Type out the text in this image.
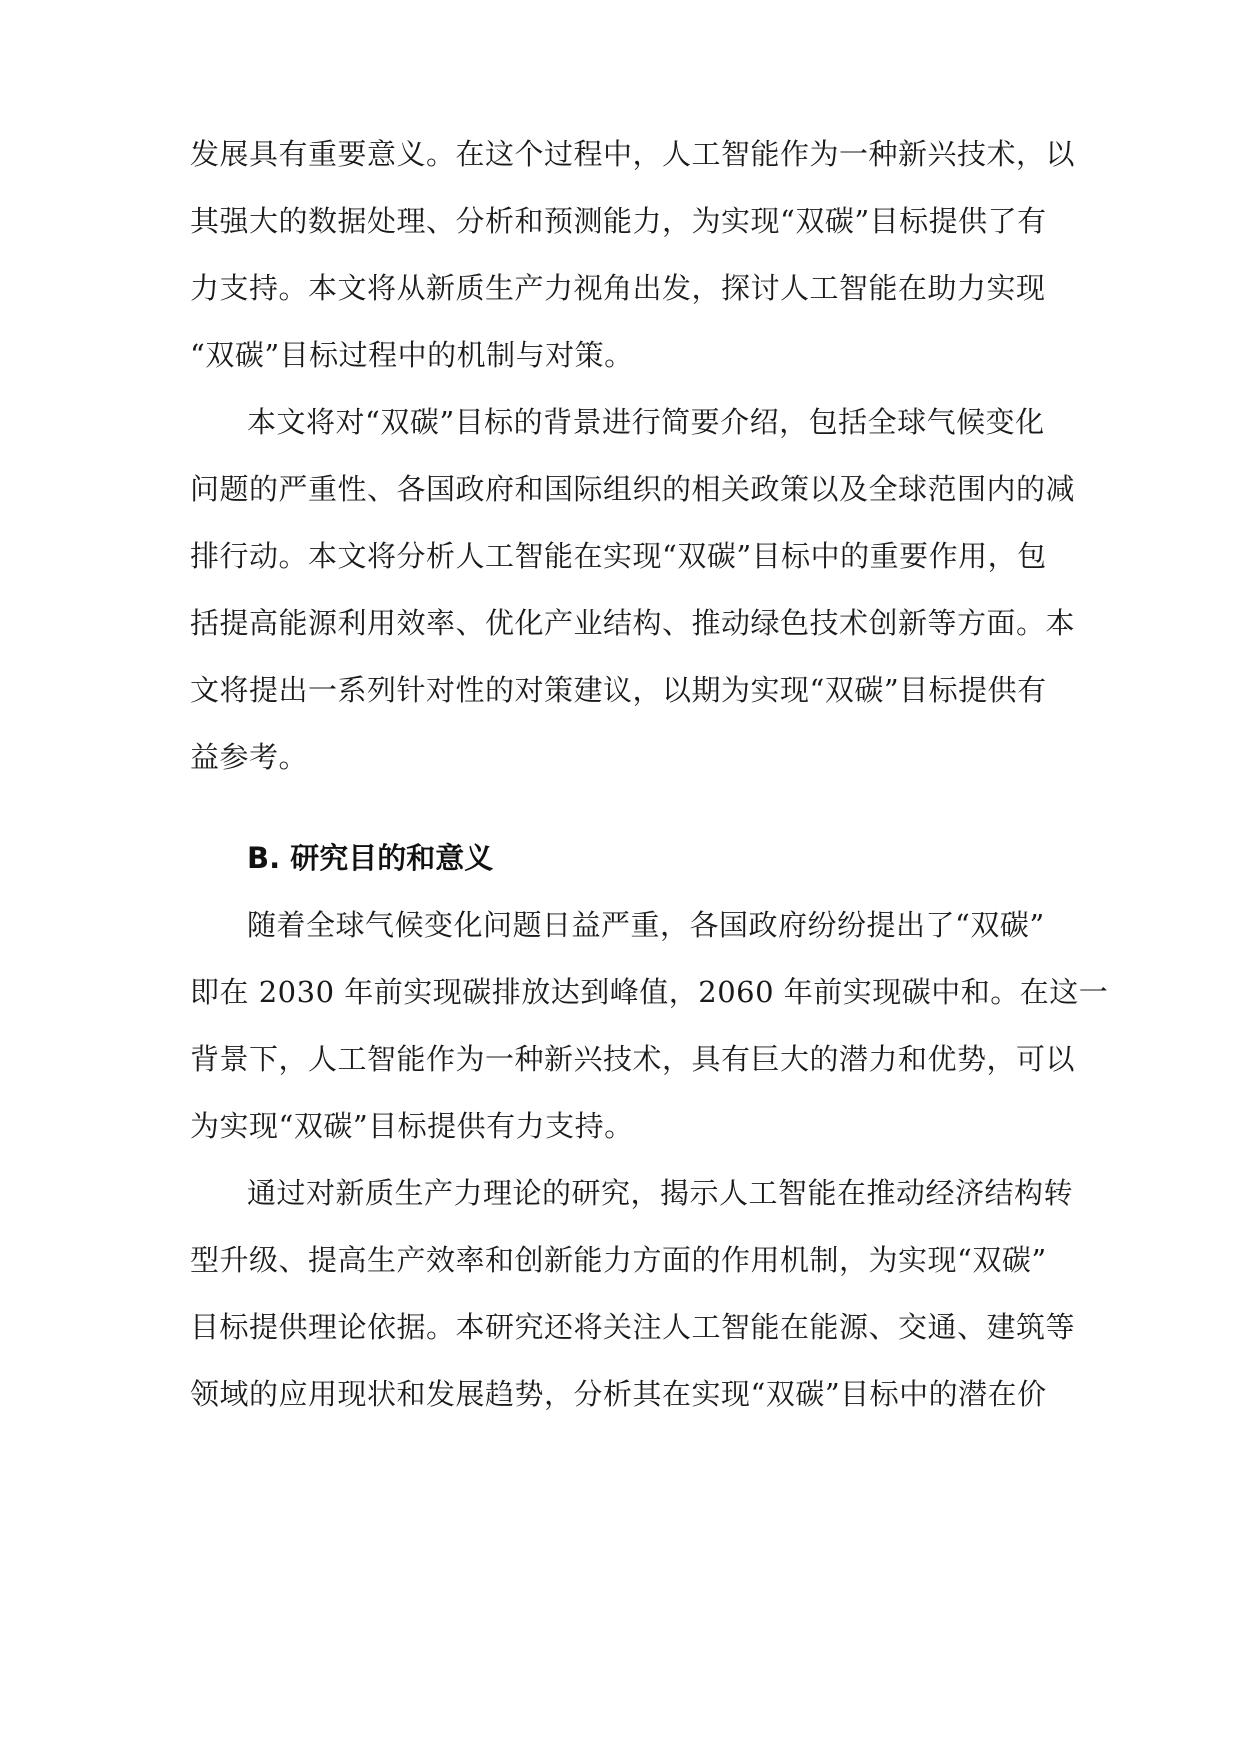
发展具有重要意义。在这个过程中，人工智能作为一种新兴技术，以
其强大的数据处理、分析和预测能力，为实现“双碳”目标提供了有
力支持。本文将从新质生产力视角出发，探讨人工智能在助力实现
“双碳”目标过程中的机制与对策。
本文将对“双碳”目标的背景进行简要介绍，包括全球气候变化
问题的严重性、各国政府和国际组织的相关政策以及全球范围内的减
排行动。本文将分析人工智能在实现“双碳”目标中的重要作用，包
括提高能源利用效率、优化产业结构、推动绿色技术创新等方面。本
文将提出一系列针对性的对策建议，以期为实现“双碳”目标提供有
益参考。
B. 研究目的和意义
随着全球气候变化问题日益严重，各国政府纷纷提出了“双碳”
即在 2030 年前实现碳排放达到峰值，2060 年前实现碳中和。在这一
背景下，人工智能作为一种新兴技术，具有巨大的潜力和优势，可以
为实现“双碳”目标提供有力支持。
通过对新质生产力理论的研究，揭示人工智能在推动经济结构转
型升级、提高生产效率和创新能力方面的作用机制，为实现“双碳”
目标提供理论依据。本研究还将关注人工智能在能源、交通、建筑等
领域的应用现状和发展趋势，分析其在实现“双碳”目标中的潜在价
